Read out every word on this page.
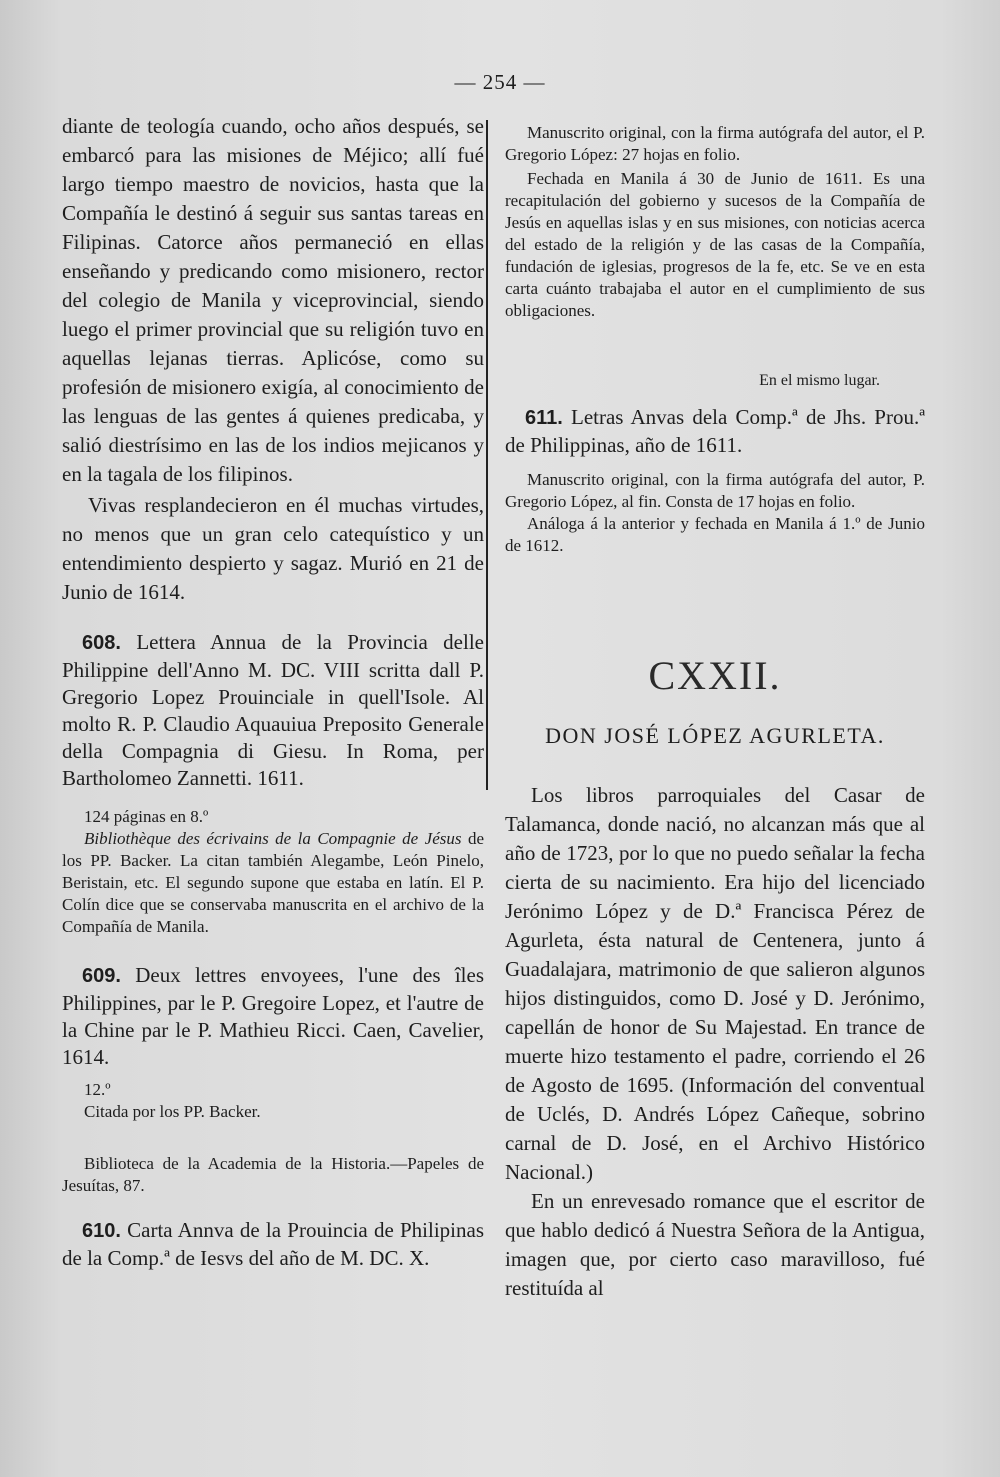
— 254 —

diante de teología cuando, ocho años después, se embarcó para las misiones de Méjico; allí fué largo tiempo maestro de novicios, hasta que la Compañía le destinó á seguir sus santas tareas en Filipinas. Catorce años permaneció en ellas enseñando y predicando como misionero, rector del colegio de Manila y viceprovincial, siendo luego el primer provincial que su religión tuvo en aquellas lejanas tierras. Aplicóse, como su profesión de misionero exigía, al conocimiento de las lenguas de las gentes á quienes predicaba, y salió diestrísimo en las de los indios mejicanos y en la tagala de los filipinos.

Vivas resplandecieron en él muchas virtudes, no menos que un gran celo catequístico y un entendimiento despierto y sagaz. Murió en 21 de Junio de 1614.

608. Lettera Annua de la Provincia delle Philippine dell'Anno M. DC. VIII scritta dall P. Gregorio Lopez Prouinciale in quell'Isole. Al molto R. P. Claudio Aquauiua Preposito Generale della Compagnia di Giesu. In Roma, per Bartholomeo Zannetti. 1611.

124 páginas en 8.º

Bibliothèque des écrivains de la Compagnie de Jésus de los PP. Backer. La citan también Alegambe, León Pinelo, Beristain, etc. El segundo supone que estaba en latín. El P. Colín dice que se conservaba manuscrita en el archivo de la Compañía de Manila.

609. Deux lettres envoyees, l'une des îles Philippines, par le P. Gregoire Lopez, et l'autre de la Chine par le P. Mathieu Ricci. Caen, Cavelier, 1614.

12.º

Citada por los PP. Backer.

Biblioteca de la Academia de la Historia.—Papeles de Jesuítas, 87.

610. Carta Annva de la Prouincia de Philipinas de la Comp.ª de Iesvs del año de M. DC. X.

Manuscrito original, con la firma autógrafa del autor, el P. Gregorio López: 27 hojas en folio.

Fechada en Manila á 30 de Junio de 1611. Es una recapitulación del gobierno y sucesos de la Compañía de Jesús en aquellas islas y en sus misiones, con noticias acerca del estado de la religión y de las casas de la Compañía, fundación de iglesias, progresos de la fe, etc. Se ve en esta carta cuánto trabajaba el autor en el cumplimiento de sus obligaciones.

En el mismo lugar.

611. Letras Anvas dela Comp.ª de Jhs. Prou.ª de Philippinas, año de 1611.

Manuscrito original, con la firma autógrafa del autor, P. Gregorio López, al fin. Consta de 17 hojas en folio.

Análoga á la anterior y fechada en Manila á 1.º de Junio de 1612.

CXXII.
DON JOSÉ LÓPEZ AGURLETA.

Los libros parroquiales del Casar de Talamanca, donde nació, no alcanzan más que al año de 1723, por lo que no puedo señalar la fecha cierta de su nacimiento. Era hijo del licenciado Jerónimo López y de D.ª Francisca Pérez de Agurleta, ésta natural de Centenera, junto á Guadalajara, matrimonio de que salieron algunos hijos distinguidos, como D. José y D. Jerónimo, capellán de honor de Su Majestad. En trance de muerte hizo testamento el padre, corriendo el 26 de Agosto de 1695. (Información del conventual de Uclés, D. Andrés López Cañeque, sobrino carnal de D. José, en el Archivo Histórico Nacional.)

En un enrevesado romance que el escritor de que hablo dedicó á Nuestra Señora de la Antigua, imagen que, por cierto caso maravilloso, fué restituída al
